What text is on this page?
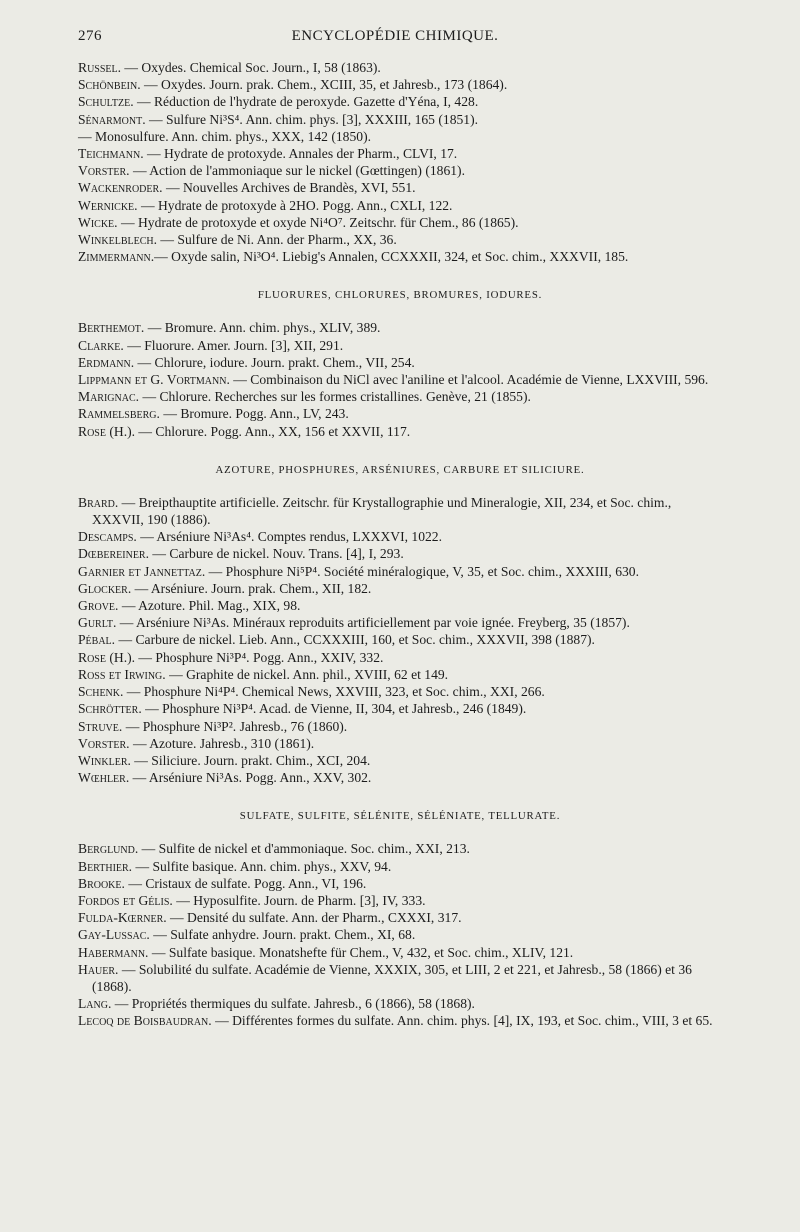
276	ENCYCLOPÉDIE CHIMIQUE.

Russel. — Oxydes. Chemical Soc. Journ., I, 58 (1863).

Schönbein. — Oxydes. Journ. prak. Chem., XCIII, 35, et Jahresb., 173 (1864).

Schultze. — Réduction de l'hydrate de peroxyde. Gazette d'Yéna, I, 428.

Sénarmont. — Sulfure Ni³S⁴. Ann. chim. phys. [3], XXXIII, 165 (1851).

— Monosulfure. Ann. chim. phys., XXX, 142 (1850).

Teichmann. — Hydrate de protoxyde. Annales der Pharm., CLVI, 17.

Vorster. — Action de l'ammoniaque sur le nickel (Gœttingen) (1861).

Wackenroder. — Nouvelles Archives de Brandès, XVI, 551.

Wernicke. — Hydrate de protoxyde à 2HO. Pogg. Ann., CXLI, 122.

Wicke. — Hydrate de protoxyde et oxyde Ni⁴O⁷. Zeitschr. für Chem., 86 (1865).

Winkelblech. — Sulfure de Ni. Ann. der Pharm., XX, 36.

Zimmermann.— Oxyde salin, Ni³O⁴. Liebig's Annalen, CCXXXII, 324, et Soc. chim., XXXVII, 185.

FLUORURES, CHLORURES, BROMURES, IODURES.

Berthemot. — Bromure. Ann. chim. phys., XLIV, 389.

Clarke. — Fluorure. Amer. Journ. [3], XII, 291.

Erdmann. — Chlorure, iodure. Journ. prakt. Chem., VII, 254.

Lippmann et G. Vortmann. — Combinaison du NiCl avec l'aniline et l'alcool. Académie de Vienne, LXXVIII, 596.

Marignac. — Chlorure. Recherches sur les formes cristallines. Genève, 21 (1855).

Rammelsberg. — Bromure. Pogg. Ann., LV, 243.

Rose (H.). — Chlorure. Pogg. Ann., XX, 156 et XXVII, 117.

AZOTURE, PHOSPHURES, ARSÉNIURES, CARBURE ET SILICIURE.

Brard. — Breipthauptite artificielle. Zeitschr. für Krystallographie und Mineralogie, XII, 234, et Soc. chim., XXXVII, 190 (1886).

Descamps. — Arséniure Ni³As⁴. Comptes rendus, LXXXVI, 1022.

Dœbereiner. — Carbure de nickel. Nouv. Trans. [4], I, 293.

Garnier et Jannettaz. — Phosphure Ni⁵P⁴. Société minéralogique, V, 35, et Soc. chim., XXXIII, 630.

Glocker. — Arséniure. Journ. prak. Chem., XII, 182.

Grove. — Azoture. Phil. Mag., XIX, 98.

Gurlt. — Arséniure Ni³As. Minéraux reproduits artificiellement par voie ignée. Freyberg, 35 (1857).

Pébal. — Carbure de nickel. Lieb. Ann., CCXXXIII, 160, et Soc. chim., XXXVII, 398 (1887).

Rose (H.). — Phosphure Ni³P⁴. Pogg. Ann., XXIV, 332.

Ross et Irwing. — Graphite de nickel. Ann. phil., XVIII, 62 et 149.

Schenk. — Phosphure Ni⁴P⁴. Chemical News, XXVIII, 323, et Soc. chim., XXI, 266.

Schrötter. — Phosphure Ni³P⁴. Acad. de Vienne, II, 304, et Jahresb., 246 (1849).

Struve. — Phosphure Ni³P². Jahresb., 76 (1860).

Vorster. — Azoture. Jahresb., 310 (1861).

Winkler. — Siliciure. Journ. prakt. Chim., XCI, 204.

Wœhler. — Arséniure Ni³As. Pogg. Ann., XXV, 302.

SULFATE, SULFITE, SÉLÉNITE, SÉLÉNIATE, TELLURATE.

Berglund. — Sulfite de nickel et d'ammoniaque. Soc. chim., XXI, 213.

Berthier. — Sulfite basique. Ann. chim. phys., XXV, 94.

Brooke. — Cristaux de sulfate. Pogg. Ann., VI, 196.

Fordos et Gélis. — Hyposulfite. Journ. de Pharm. [3], IV, 333.

Fulda-Kœrner. — Densité du sulfate. Ann. der Pharm., CXXXI, 317.

Gay-Lussac. — Sulfate anhydre. Journ. prakt. Chem., XI, 68.

Habermann. — Sulfate basique. Monatshefte für Chem., V, 432, et Soc. chim., XLIV, 121.

Hauer. — Solubilité du sulfate. Académie de Vienne, XXXIX, 305, et LIII, 2 et 221, et Jahresb., 58 (1866) et 36 (1868).

Lang. — Propriétés thermiques du sulfate. Jahresb., 6 (1866), 58 (1868).

Lecoq de Boisbaudran. — Différentes formes du sulfate. Ann. chim. phys. [4], IX, 193, et Soc. chim., VIII, 3 et 65.
